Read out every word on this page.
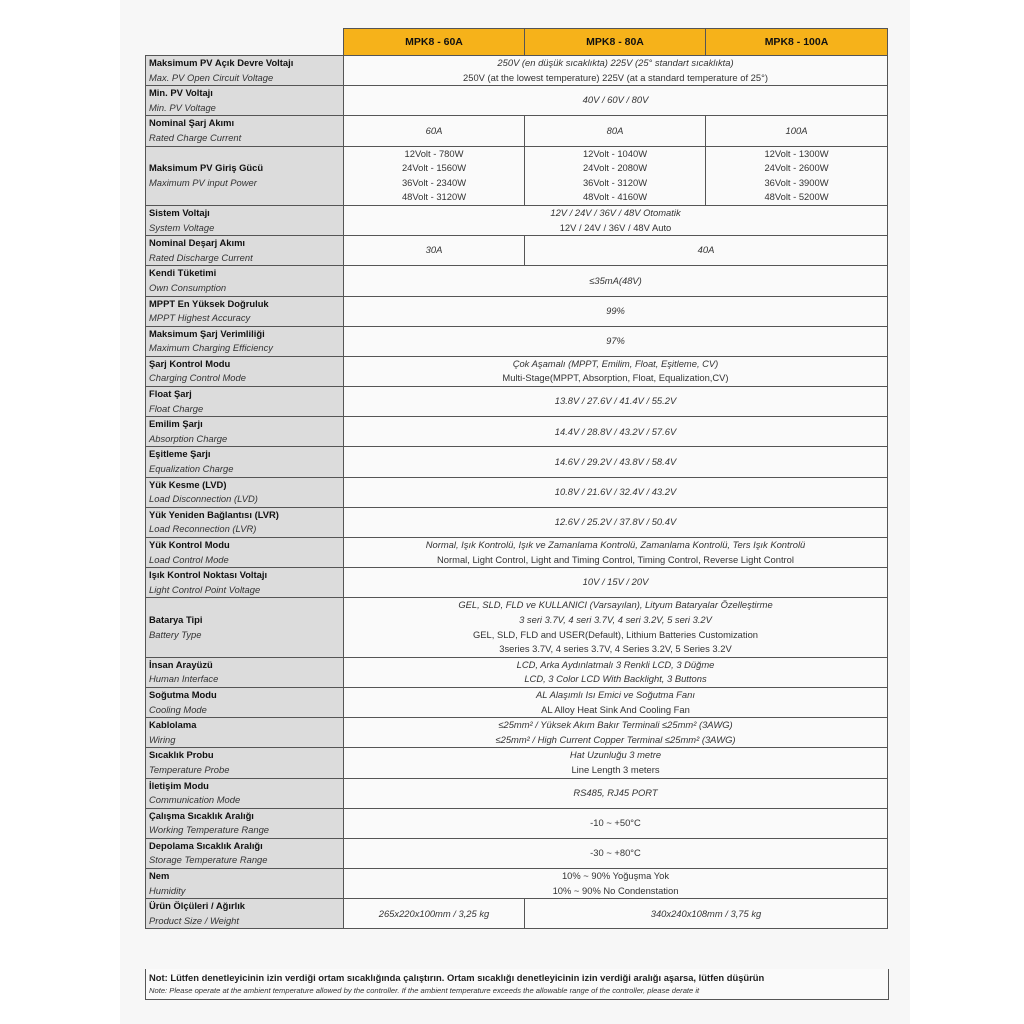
	MPK8 - 60A	MPK8 - 80A	MPK8 - 100A

Maksimum PV Açık Devre Voltajı
Max. PV Open Circuit Voltage	250V (en düşük sıcaklıkta) 225V (25° standart sıcaklıkta)
250V (at the lowest temperature) 225V (at a standard temperature of 25°)		

Min. PV Voltajı
Min. PV Voltage	40V / 60V / 80V		

Nominal Şarj Akımı
Rated Charge Current	60A	80A	100A

Maksimum PV Giriş Gücü
Maximum PV input Power	12Volt - 780W
24Volt - 1560W
36Volt - 2340W
48Volt - 3120W	12Volt - 1040W
24Volt - 2080W
36Volt - 3120W
48Volt - 4160W	12Volt - 1300W
24Volt - 2600W
36Volt - 3900W
48Volt - 5200W

Sistem Voltajı
System Voltage	12V / 24V / 36V / 48V Otomatik
12V / 24V / 36V / 48V Auto		

Nominal Deşarj Akımı
Rated Discharge Current	30A	40A	

Kendi Tüketimi
Own Consumption	≤35mA(48V)		

MPPT En Yüksek Doğruluk
MPPT Highest Accuracy	99%		

Maksimum Şarj Verimliliği
Maximum Charging Efficiency	97%		

Şarj Kontrol Modu
Charging Control Mode	Çok Aşamalı (MPPT, Emilim, Float, Eşitleme, CV)
Multi-Stage(MPPT, Absorption, Float, Equalization,CV)		

Float Şarj
Float Charge	13.8V / 27.6V / 41.4V / 55.2V		

Emilim Şarjı
Absorption Charge	14.4V / 28.8V / 43.2V / 57.6V		

Eşitleme Şarjı
Equalization Charge	14.6V / 29.2V / 43.8V / 58.4V		

Yük Kesme (LVD)
Load Disconnection (LVD)	10.8V / 21.6V / 32.4V / 43.2V		

Yük Yeniden Bağlantısı (LVR)
Load Reconnection (LVR)	12.6V / 25.2V / 37.8V / 50.4V		

Yük Kontrol Modu
Load Control Mode	Normal, Işık Kontrolü, Işık ve Zamanlama Kontrolü, Zamanlama Kontrolü, Ters Işık Kontrolü
Normal, Light Control, Light and Timing Control, Timing Control, Reverse Light Control		

Işık Kontrol Noktası Voltajı
Light Control Point Voltage	10V / 15V / 20V		

Batarya Tipi
Battery Type	GEL, SLD, FLD ve KULLANICI (Varsayılan), Lityum Bataryalar Özelleştirme
3 seri 3.7V, 4 seri 3.7V, 4 seri 3.2V, 5 seri 3.2V
GEL, SLD, FLD and USER(Default), Lithium Batteries Customization
3series 3.7V, 4 series 3.7V, 4 Series 3.2V, 5 Series 3.2V		

İnsan Arayüzü
Human Interface	LCD, Arka Aydınlatmalı 3 Renkli LCD, 3 Düğme
LCD, 3 Color LCD With Backlight, 3 Buttons		

Soğutma Modu
Cooling Mode	AL Alaşımlı Isı Emici ve Soğutma Fanı
AL Alloy Heat Sink And Cooling Fan		

Kablolama
Wiring	≤25mm² / Yüksek Akım Bakır Terminali ≤25mm² (3AWG)
≤25mm² / High Current Copper Terminal ≤25mm² (3AWG)		

Sıcaklık Probu
Temperature Probe	Hat Uzunluğu 3 metre
Line Length 3 meters		

İletişim Modu
Communication Mode	RS485, RJ45 PORT		

Çalışma Sıcaklık Aralığı
Working Temperature Range	-10 ~ +50°C		

Depolama Sıcaklık Aralığı
Storage Temperature Range	-30 ~ +80°C		

Nem
Humidity	10% ~ 90% Yoğuşma Yok
10% ~ 90% No Condenstation		

Ürün Ölçüleri / Ağırlık
Product Size / Weight	265x220x100mm / 3,25 kg	340x240x108mm / 3,75 kg	
Not: Lütfen denetleyicinin izin verdiği ortam sıcaklığında çalıştırın. Ortam sıcaklığı denetleyicinin izin verdiği aralığı aşarsa, lütfen düşürün
Note: Please operate at the ambient temperature allowed by the controller. If the ambient temperature exceeds the allowable range of the controller, please derate it
